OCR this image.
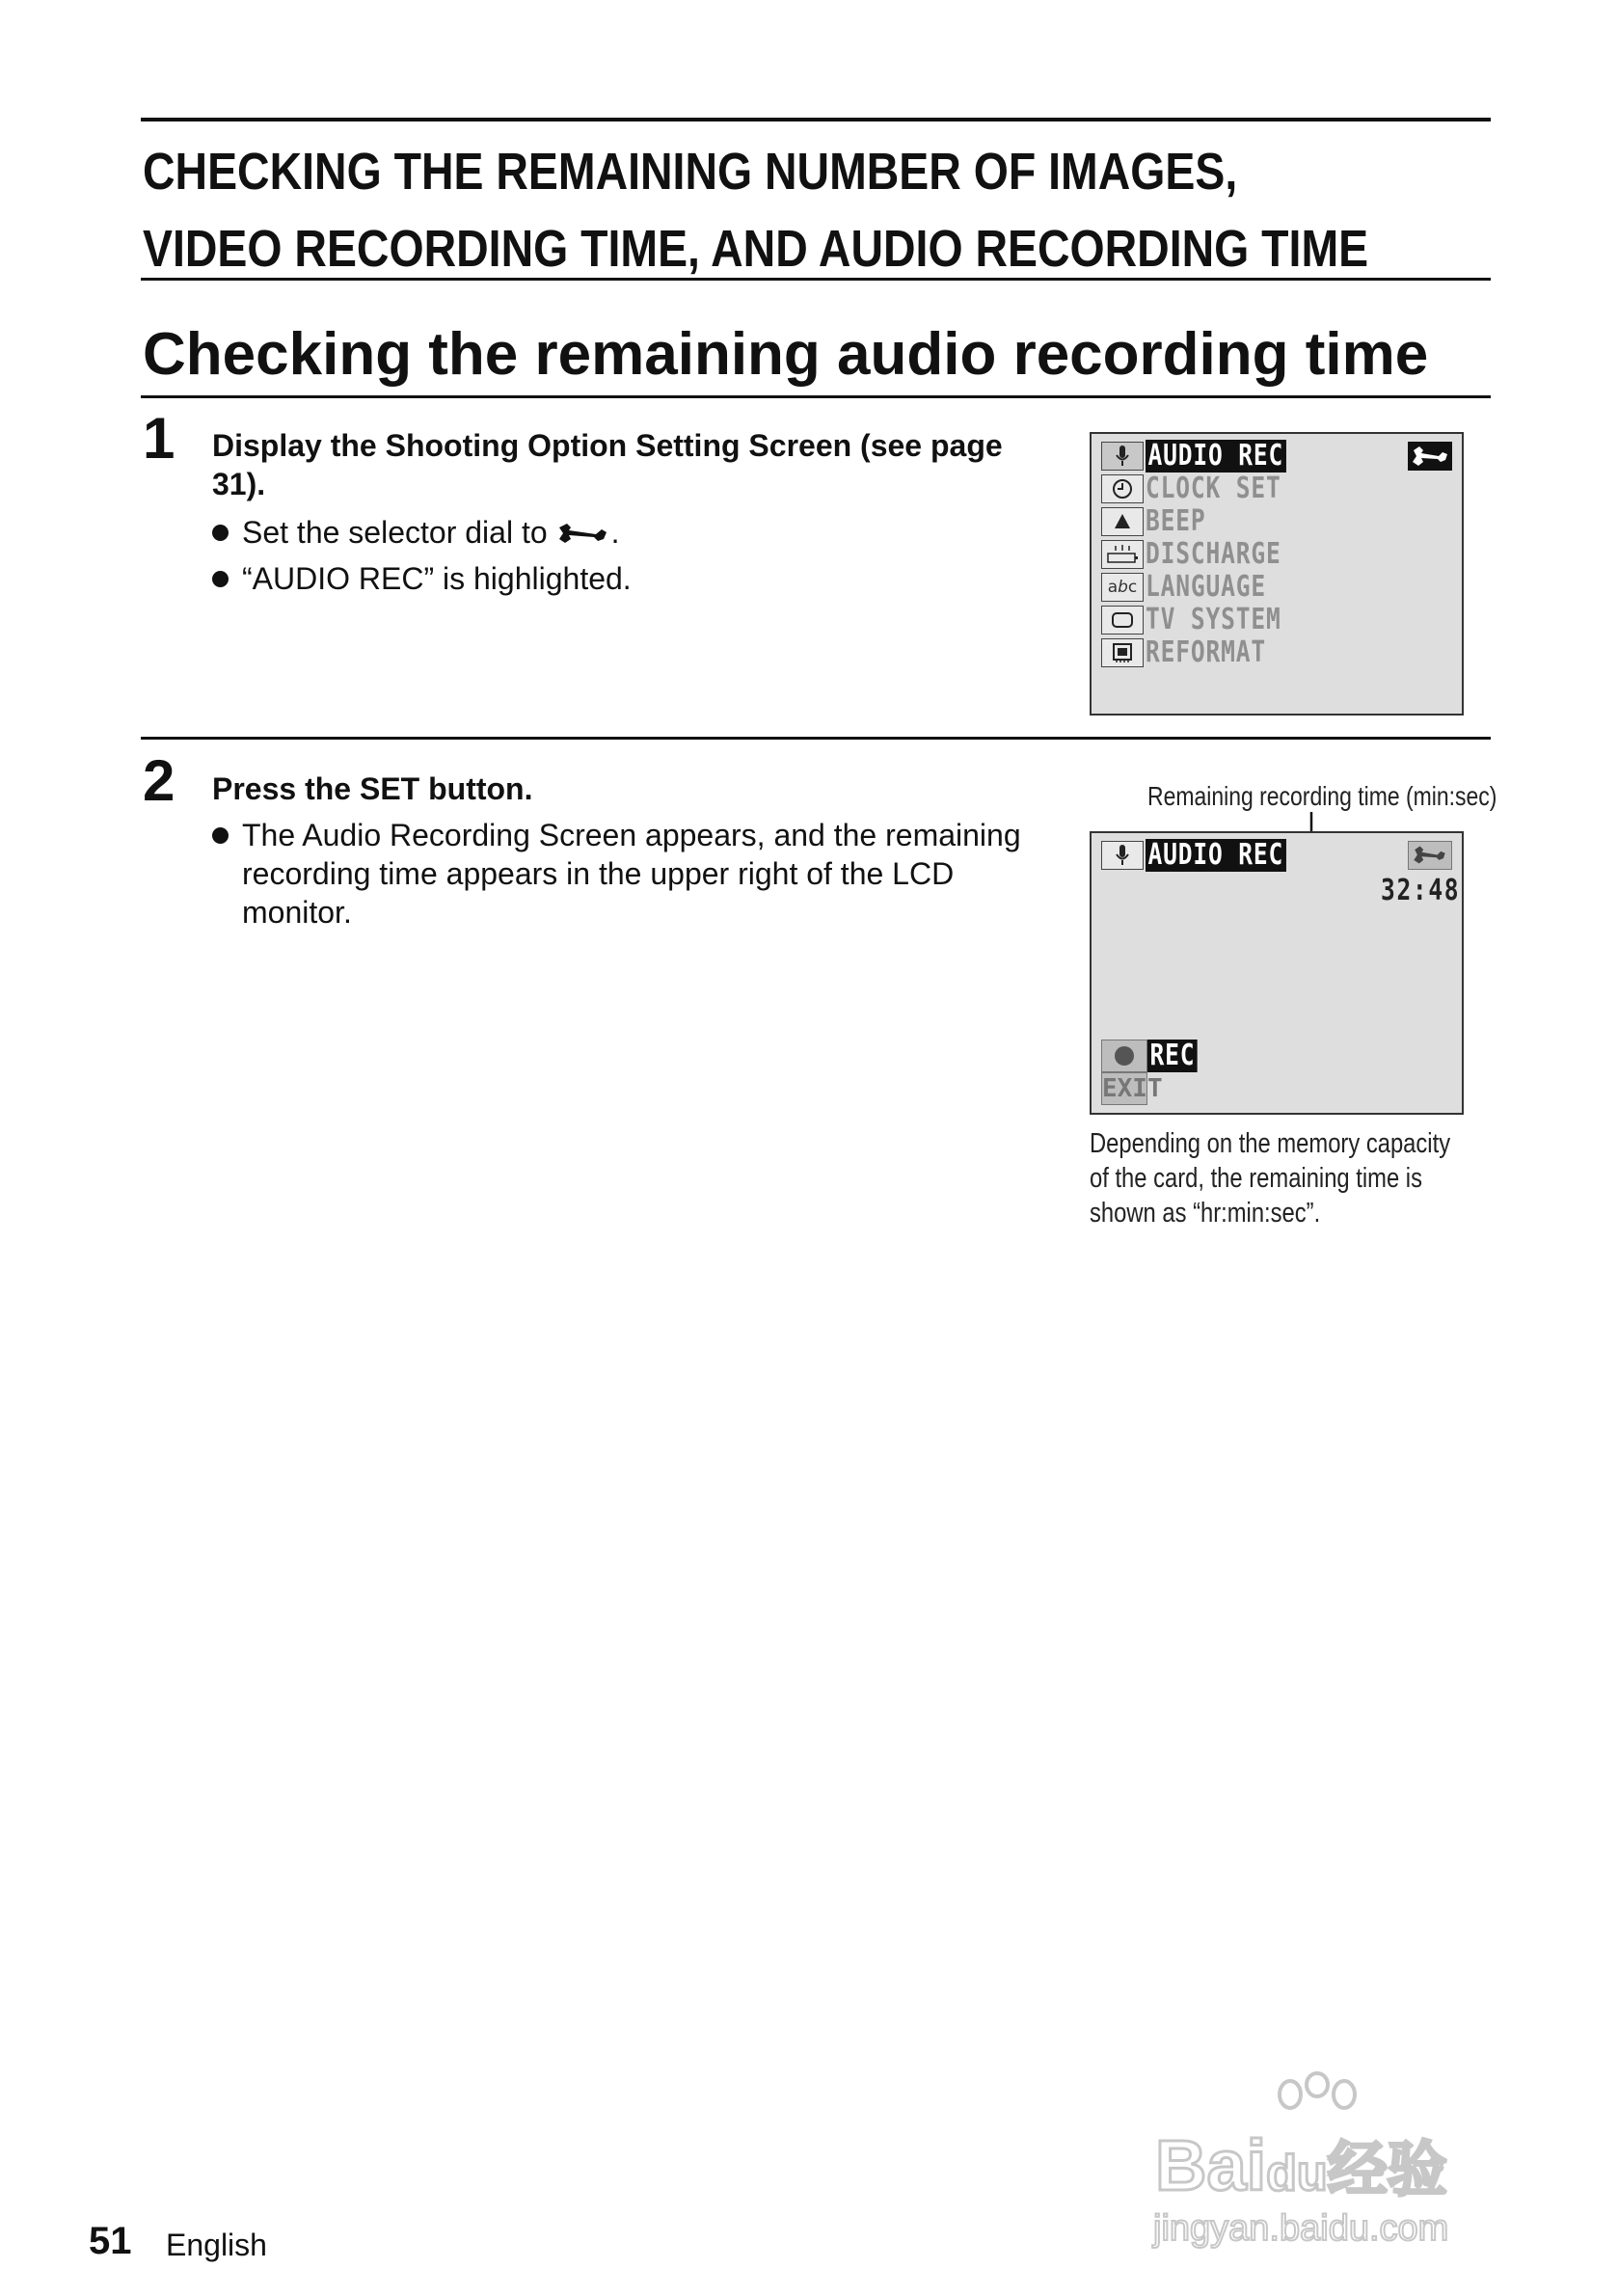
CHECKING THE REMAINING NUMBER OF IMAGES,
VIDEO RECORDING TIME, AND AUDIO RECORDING TIME
Checking the remaining audio recording time
1 Display the Shooting Option Setting Screen (see page 31).
Set the selector dial to .
“AUDIO REC” is highlighted.
AUDIO REC
CLOCK SET
BEEP
DISCHARGE
a b c LANGUAGE
TV SYSTEM
REFORMAT
2 Press the SET button.
The Audio Recording Screen appears, and the remaining recording time appears in the upper right of the LCD monitor.
Remaining recording time (min:sec)
AUDIO REC
32:48
REC
EXIT
Depending on the memory capacity
of the card, the remaining time is
shown as “hr:min:sec”.
Baidu经验
jingyan.baidu.com
51 English
